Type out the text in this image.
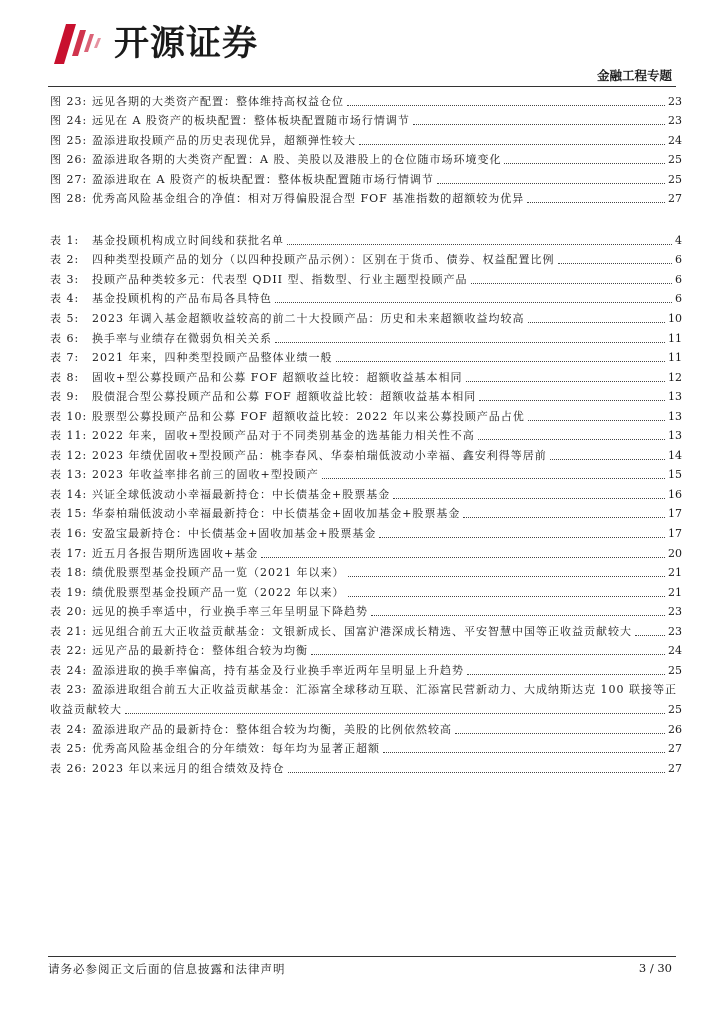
开源证券
金融工程专题
图 23: 远见各期的大类资产配置：整体维持高权益仓位	23
图 24: 远见在 A 股资产的板块配置：整体板块配置随市场行情调节	23
图 25: 盈添进取投顾产品的历史表现优异，超额弹性较大	24
图 26: 盈添进取各期的大类资产配置：A 股、美股以及港股上的仓位随市场环境变化	25
图 27: 盈添进取在 A 股资产的板块配置：整体板块配置随市场行情调节	25
图 28: 优秀高风险基金组合的净值：相对万得偏股混合型 FOF 基准指数的超额较为优异	27
表 1:	基金投顾机构成立时间线和获批名单	4
表 2:	四种类型投顾产品的划分（以四种投顾产品示例）：区别在于货币、债券、权益配置比例	6
表 3:	投顾产品种类较多元：代表型 QDII 型、指数型、行业主题型投顾产品	6
表 4:	基金投顾机构的产品布局各具特色	6
表 5:	2023 年调入基金超额收益较高的前二十大投顾产品：历史和未来超额收益均较高	10
表 6:	换手率与业绩存在微弱负相关关系	11
表 7:	2021 年来，四种类型投顾产品整体业绩一般	11
表 8:	固收+型公募投顾产品和公募 FOF 超额收益比较：超额收益基本相同	12
表 9:	股债混合型公募投顾产品和公募 FOF 超额收益比较：超额收益基本相同	13
表 10: 股票型公募投顾产品和公募 FOF 超额收益比较：2022 年以来公募投顾产品占优	13
表 11: 2022 年来，固收+型投顾产品对于不同类别基金的选基能力相关性不高	13
表 12: 2023 年绩优固收+型投顾产品：桃李春风、华泰柏瑞低波动小幸福、鑫安利得等居前	14
表 13: 2023 年收益率排名前三的固收+型投顾产	15
表 14: 兴证全球低波动小幸福最新持仓：中长债基金+股票基金	16
表 15: 华泰柏瑞低波动小幸福最新持仓：中长债基金+固收加基金+股票基金	17
表 16: 安盈宝最新持仓：中长债基金+固收加基金+股票基金	17
表 17: 近五月各报告期所选固收+基金	20
表 18: 绩优股票型基金投顾产品一览（2021 年以来）	21
表 19: 绩优股票型基金投顾产品一览（2022 年以来）	21
表 20: 远见的换手率适中，行业换手率三年呈明显下降趋势	23
表 21: 远见组合前五大正收益贡献基金：文银新成长、国富沪港深成长精选、平安智慧中国等正收益贡献较大	23
表 22: 远见产品的最新持仓：整体组合较为均衡	24
表 24: 盈添进取的换手率偏高，持有基金及行业换手率近两年呈明显上升趋势	25
表 23: 盈添进取组合前五大正收益贡献基金：汇添富全球移动互联、汇添富民营新动力、大成纳斯达克 100 联接等正
收益贡献较大	25
表 24: 盈添进取产品的最新持仓：整体组合较为均衡，美股的比例依然较高	26
表 25: 优秀高风险基金组合的分年绩效：每年均为显著正超额	27
表 26: 2023 年以来远月的组合绩效及持仓	27
请务必参阅正文后面的信息披露和法律声明	3 / 30
